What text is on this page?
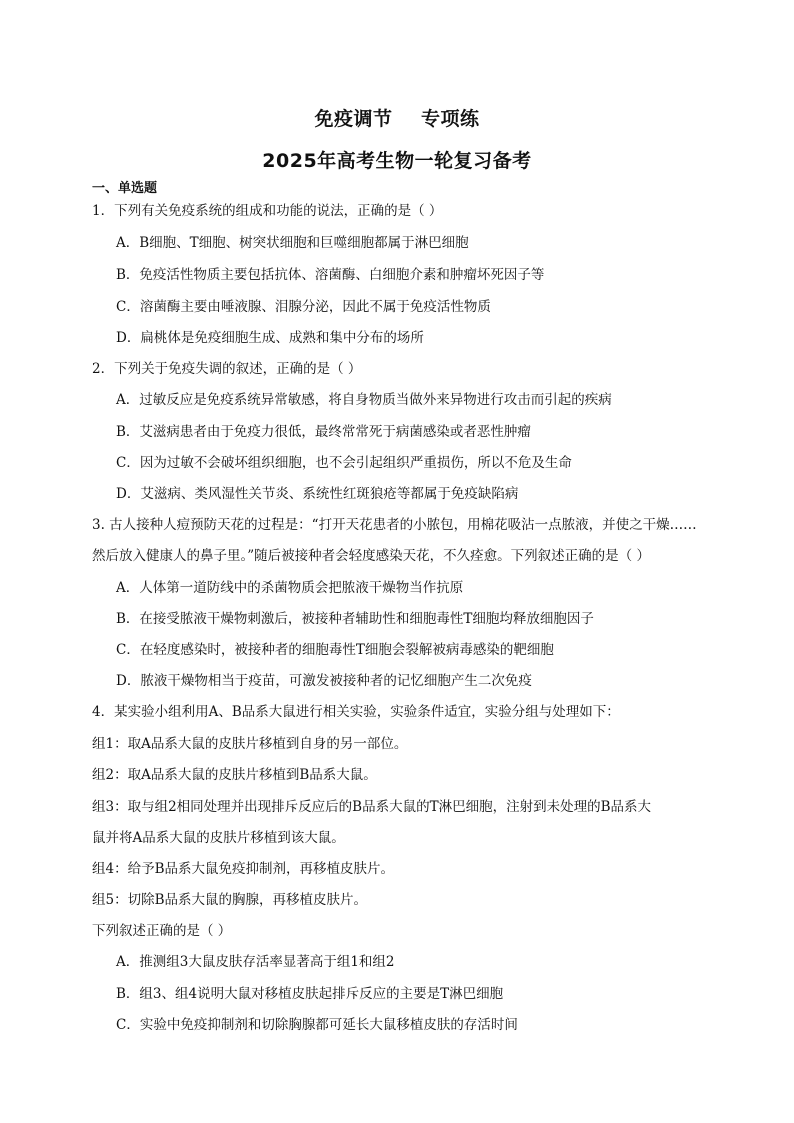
免疫调节    专项练
2025年高考生物一轮复习备考
一、单选题
1．下列有关免疫系统的组成和功能的说法，正确的是（ ）
A．B细胞、T细胞、树突状细胞和巨噬细胞都属于淋巴细胞
B．免疫活性物质主要包括抗体、溶菌酶、白细胞介素和肿瘤坏死因子等
C．溶菌酶主要由唾液腺、泪腺分泌，因此不属于免疫活性物质
D．扁桃体是免疫细胞生成、成熟和集中分布的场所
2．下列关于免疫失调的叙述，正确的是（ ）
A．过敏反应是免疫系统异常敏感，将自身物质当做外来异物进行攻击而引起的疾病
B．艾滋病患者由于免疫力很低，最终常常死于病菌感染或者恶性肿瘤
C．因为过敏不会破坏组织细胞，也不会引起组织严重损伤，所以不危及生命
D．艾滋病、类风湿性关节炎、系统性红斑狼疮等都属于免疫缺陷病
3. 古人接种人痘预防天花的过程是：“打开天花患者的小脓包，用棉花吸沾一点脓液，并使之干燥……
然后放入健康人的鼻子里。”随后被接种者会轻度感染天花，不久痊愈。下列叙述正确的是（ ）
A．人体第一道防线中的杀菌物质会把脓液干燥物当作抗原
B．在接受脓液干燥物刺激后，被接种者辅助性和细胞毒性T细胞均释放细胞因子
C．在轻度感染时，被接种者的细胞毒性T细胞会裂解被病毒感染的靶细胞
D．脓液干燥物相当于疫苗，可激发被接种者的记忆细胞产生二次免疫
4．某实验小组利用A、B品系大鼠进行相关实验，实验条件适宜，实验分组与处理如下：
组1：取A品系大鼠的皮肤片移植到自身的另一部位。
组2：取A品系大鼠的皮肤片移植到B品系大鼠。
组3：取与组2相同处理并出现排斥反应后的B品系大鼠的T淋巴细胞，注射到未处理的B品系大
鼠并将A品系大鼠的皮肤片移植到该大鼠。
组4：给予B品系大鼠免疫抑制剂，再移植皮肤片。
组5：切除B品系大鼠的胸腺，再移植皮肤片。
下列叙述正确的是（ ）
A．推测组3大鼠皮肤存活率显著高于组1和组2
B．组3、组4说明大鼠对移植皮肤起排斥反应的主要是T淋巴细胞
C．实验中免疫抑制剂和切除胸腺都可延长大鼠移植皮肤的存活时间
